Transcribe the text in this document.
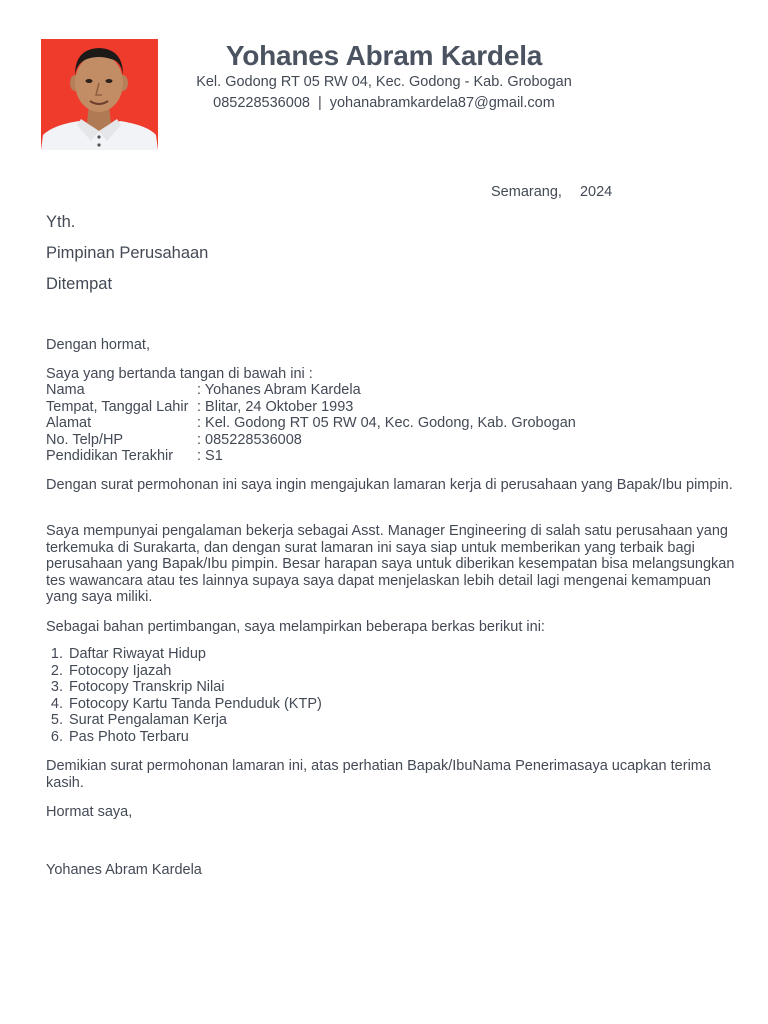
Yohanes Abram Kardela
Kel. Godong RT 05 RW 04, Kec. Godong - Kab. Grobogan
085228536008 | yohanabramkardela87@gmail.com
Semarang, 2024
Yth.
Pimpinan Perusahaan
Ditempat
Dengan hormat,
Saya yang bertanda tangan di bawah ini :
Nama	: Yohanes Abram Kardela
Tempat, Tanggal Lahir : Blitar, 24 Oktober 1993
Alamat	: Kel. Godong RT 05 RW 04, Kec. Godong, Kab. Grobogan
No. Telp/HP	: 085228536008
Pendidikan Terakhir	: S1
Dengan surat permohonan ini saya ingin mengajukan lamaran kerja di perusahaan yang Bapak/Ibu pimpin.
Saya mempunyai pengalaman bekerja sebagai Asst. Manager Engineering di salah satu perusahaan yang terkemuka di Surakarta, dan dengan surat lamaran ini saya siap untuk memberikan yang terbaik bagi perusahaan yang Bapak/Ibu pimpin. Besar harapan saya untuk diberikan kesempatan bisa melangsungkan tes wawancara atau tes lainnya supaya saya dapat menjelaskan lebih detail lagi mengenai kemampuan yang saya miliki.
Sebagai bahan pertimbangan, saya melampirkan beberapa berkas berikut ini:
1. Daftar Riwayat Hidup
2. Fotocopy Ijazah
3. Fotocopy Transkrip Nilai
4. Fotocopy Kartu Tanda Penduduk (KTP)
5. Surat Pengalaman Kerja
6. Pas Photo Terbaru
Demikian surat permohonan lamaran ini, atas perhatian Bapak/IbuNama Penerimasaya ucapkan terima kasih.
Hormat saya,
Yohanes Abram Kardela
